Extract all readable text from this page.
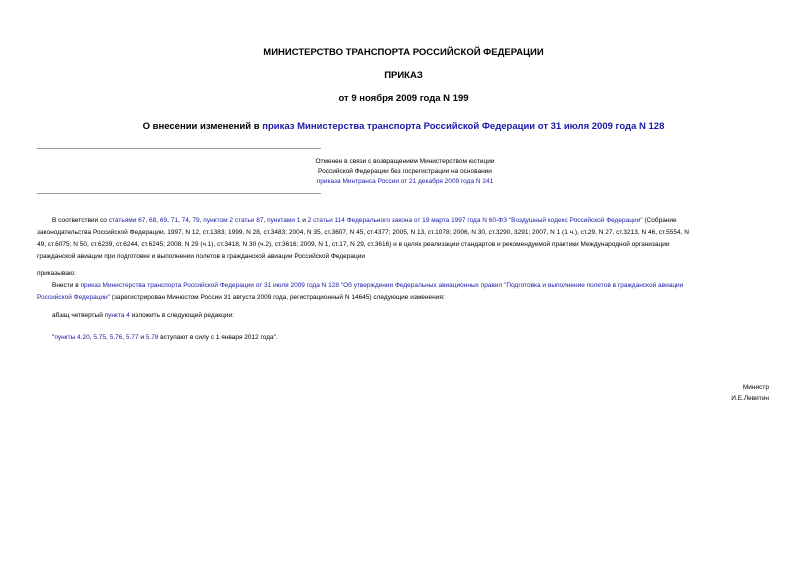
МИНИСТЕРСТВО ТРАНСПОРТА РОССИЙСКОЙ ФЕДЕРАЦИИ
ПРИКАЗ
от 9 ноября 2009 года N 199
О внесении изменений в приказ Министерства транспорта Российской Федерации от 31 июля 2009 года N 128
Отменен в связи с возвращением Министерством юстиции
Российской Федерации без госрегистрации на основании
приказа Минтранса России от 21 декабря 2009 года N 241
В соответствии со статьями 67, 68, 69, 71, 74, 79, пунктом 2 статьи 87, пунктами 1 и 2 статьи 114 Федерального закона от 19 марта 1997 года N 60-ФЗ "Воздушный кодекс Российской Федерации" (Собрание
законодательства Российской Федерации, 1997, N 12, ст.1383; 1999, N 28, ст.3483; 2004, N 35, ст.3607, N 45, ст.4377; 2005, N 13, ст.1078; 2006, N 30, ст.3290, 3291; 2007, N 1 (1 ч.), ст.29, N 27, ст.3213, N 46, ст.5554, N
49, ст.6075; N 50, ст.6239, ст.6244, ст.6245; 2008, N 29 (ч.1), ст.3418, N 30 (ч.2), ст.3616; 2009, N 1, ст.17, N 29, ст.3616) и в целях реализации стандартов и рекомендуемой практики Международной организации
гражданской авиации при подготовке и выполнении полетов в гражданской авиации Российской Федерации
приказываю:
Внести в приказ Министерства транспорта Российской Федерации от 31 июля 2009 года N 128 "Об утверждении Федеральных авиационных правил "Подготовка и выполнение полетов в гражданской авиации
Российской Федерации" (зарегистрирован Минюстом России 31 августа 2009 года, регистрационный N 14645) следующие изменения:
абзац четвертый пункта 4 изложить в следующей редакции:
"пункты 4.20, 5.75, 5.76, 5.77 и 5.78 вступают в силу с 1 января 2012 года".
Министр
И.Е.Левитин
